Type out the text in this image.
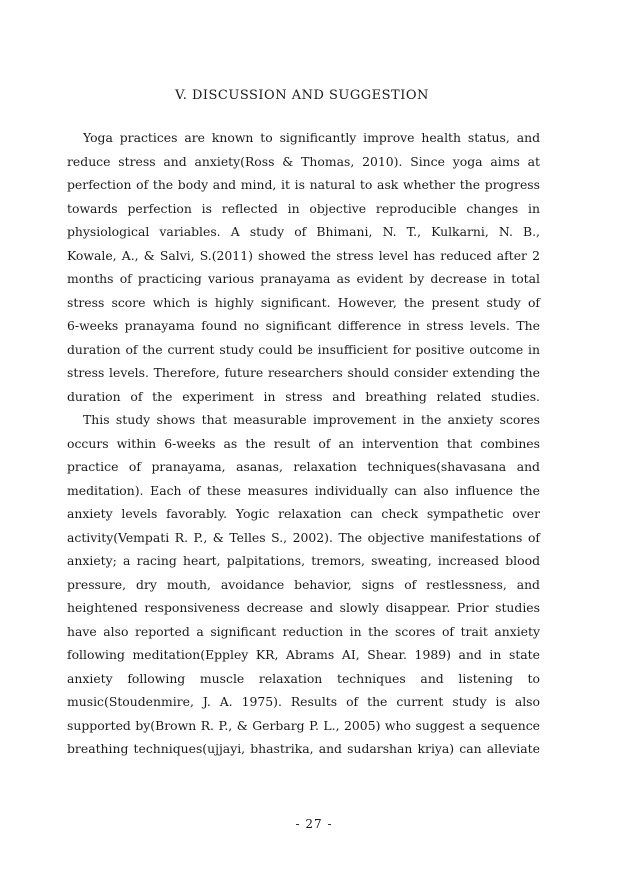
V. DISCUSSION AND SUGGESTION
Yoga practices are known to significantly improve health status, and
reduce stress and anxiety(Ross & Thomas, 2010). Since yoga aims at
perfection of the body and mind, it is natural to ask whether the progress
towards perfection is reflected in objective reproducible changes in
physiological variables. A study of Bhimani, N. T., Kulkarni, N. B.,
Kowale, A., & Salvi, S.(2011) showed the stress level has reduced after 2
months of practicing various pranayama as evident by decrease in total
stress score which is highly significant. However, the present study of
6-weeks pranayama found no significant difference in stress levels. The
duration of the current study could be insufficient for positive outcome in
stress levels. Therefore, future researchers should consider extending the
duration of the experiment in stress and breathing related studies.
This study shows that measurable improvement in the anxiety scores
occurs within 6-weeks as the result of an intervention that combines
practice of pranayama, asanas, relaxation techniques(shavasana and
meditation). Each of these measures individually can also influence the
anxiety levels favorably. Yogic relaxation can check sympathetic over
activity(Vempati R. P., & Telles S., 2002). The objective manifestations of
anxiety; a racing heart, palpitations, tremors, sweating, increased blood
pressure, dry mouth, avoidance behavior, signs of restlessness, and
heightened responsiveness decrease and slowly disappear. Prior studies
have also reported a significant reduction in the scores of trait anxiety
following meditation(Eppley KR, Abrams AI, Shear. 1989) and in state
anxiety following muscle relaxation techniques and listening to
music(Stoudenmire, J. A. 1975). Results of the current study is also
supported by(Brown R. P., & Gerbarg P. L., 2005) who suggest a sequence
breathing techniques(ujjayi, bhastrika, and sudarshan kriya) can alleviate
- 27 -
